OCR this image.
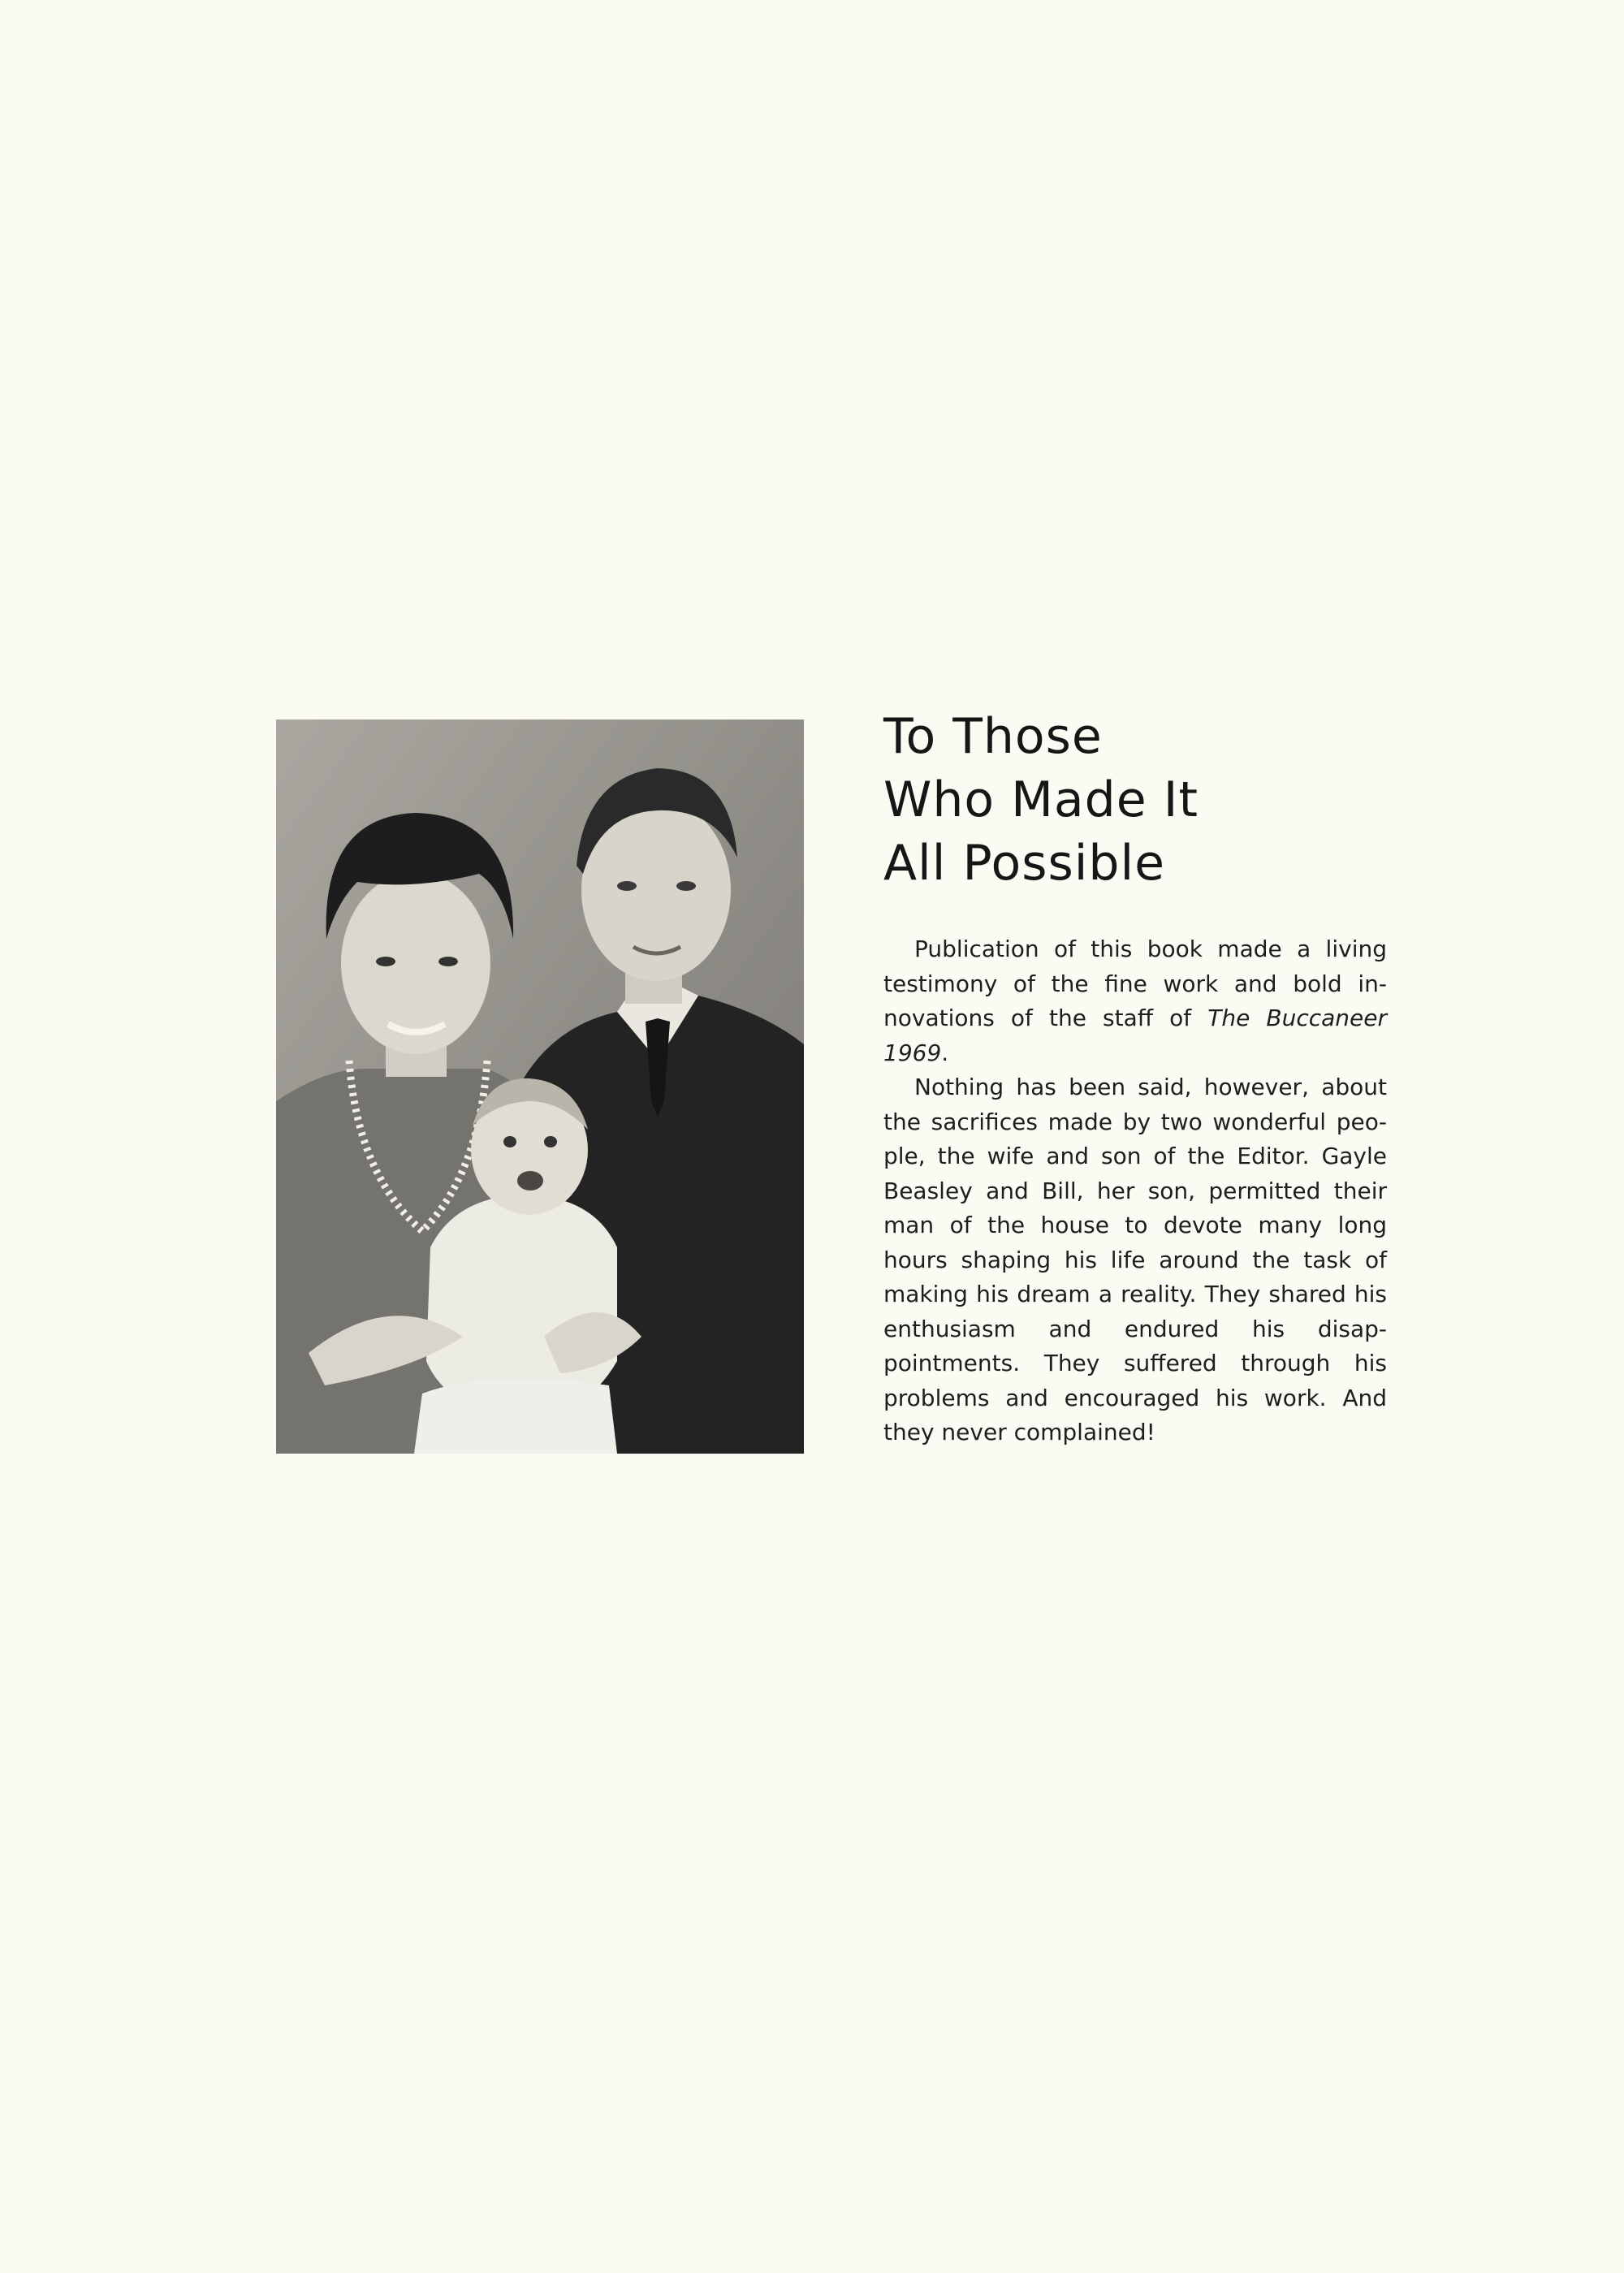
To Those
Who Made It
All Possible

Publication of this book made a living testimony of the fine work and bold innovations of the staff of The Buccaneer 1969.

Nothing has been said, however, about the sacrifices made by two wonderful people, the wife and son of the Editor. Gayle Beasley and Bill, her son, permitted their man of the house to devote many long hours shaping his life around the task of making his dream a reality. They shared his enthusiasm and endured his disappointments. They suffered through his problems and encouraged his work. And they never complained!
